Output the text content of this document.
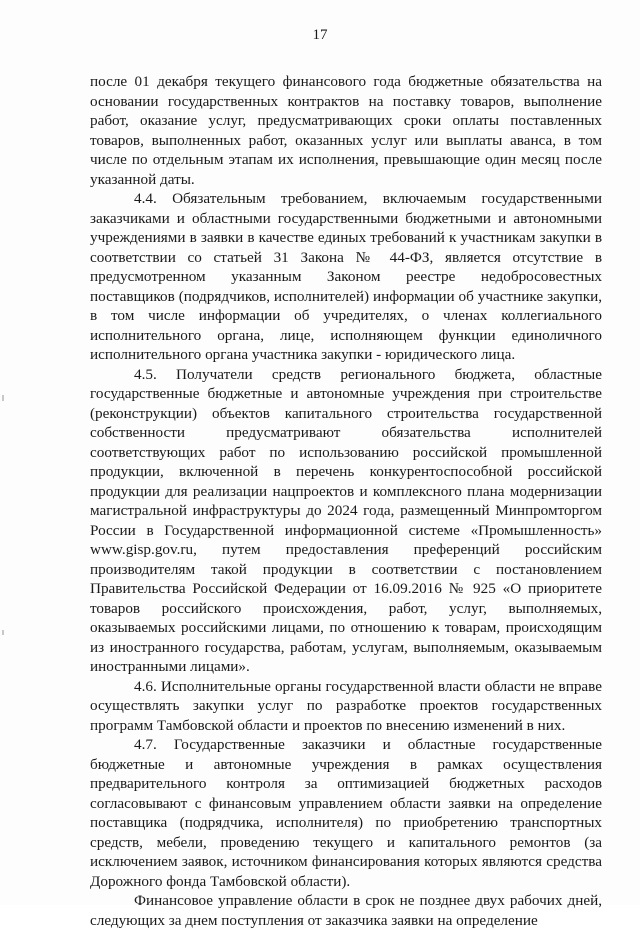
17

после 01 декабря текущего финансового года бюджетные обязательства на основании государственных контрактов на поставку товаров, выполнение работ, оказание услуг, предусматривающих сроки оплаты поставленных товаров, выполненных работ, оказанных услуг или выплаты аванса, в том числе по отдельным этапам их исполнения, превышающие один месяц после указанной даты.

4.4. Обязательным требованием, включаемым государственными заказчиками и областными государственными бюджетными и автономными учреждениями в заявки в качестве единых требований к участникам закупки в соответствии со статьей 31 Закона № 44-ФЗ, является отсутствие в предусмотренном указанным Законом реестре недобросовестных поставщиков (подрядчиков, исполнителей) информации об участнике закупки, в том числе информации об учредителях, о членах коллегиального исполнительного органа, лице, исполняющем функции единоличного исполнительного органа участника закупки - юридического лица.

4.5. Получатели средств регионального бюджета, областные государственные бюджетные и автономные учреждения при строительстве (реконструкции) объектов капитального строительства государственной собственности предусматривают обязательства исполнителей соответствующих работ по использованию российской промышленной продукции, включенной в перечень конкурентоспособной российской продукции для реализации нацпроектов и комплексного плана модернизации магистральной инфраструктуры до 2024 года, размещенный Минпромторгом России в Государственной информационной системе «Промышленность» www.gisp.gov.ru, путем предоставления преференций российским производителям такой продукции в соответствии с постановлением Правительства Российской Федерации от 16.09.2016 № 925 «О приоритете товаров российского происхождения, работ, услуг, выполняемых, оказываемых российскими лицами, по отношению к товарам, происходящим из иностранного государства, работам, услугам, выполняемым, оказываемым иностранными лицами».

4.6. Исполнительные органы государственной власти области не вправе осуществлять закупки услуг по разработке проектов государственных программ Тамбовской области и проектов по внесению изменений в них.

4.7. Государственные заказчики и областные государственные бюджетные и автономные учреждения в рамках осуществления предварительного контроля за оптимизацией бюджетных расходов согласовывают с финансовым управлением области заявки на определение поставщика (подрядчика, исполнителя) по приобретению транспортных средств, мебели, проведению текущего и капитального ремонтов (за исключением заявок, источником финансирования которых являются средства Дорожного фонда Тамбовской области).

Финансовое управление области в срок не позднее двух рабочих дней, следующих за днем поступления от заказчика заявки на определение
